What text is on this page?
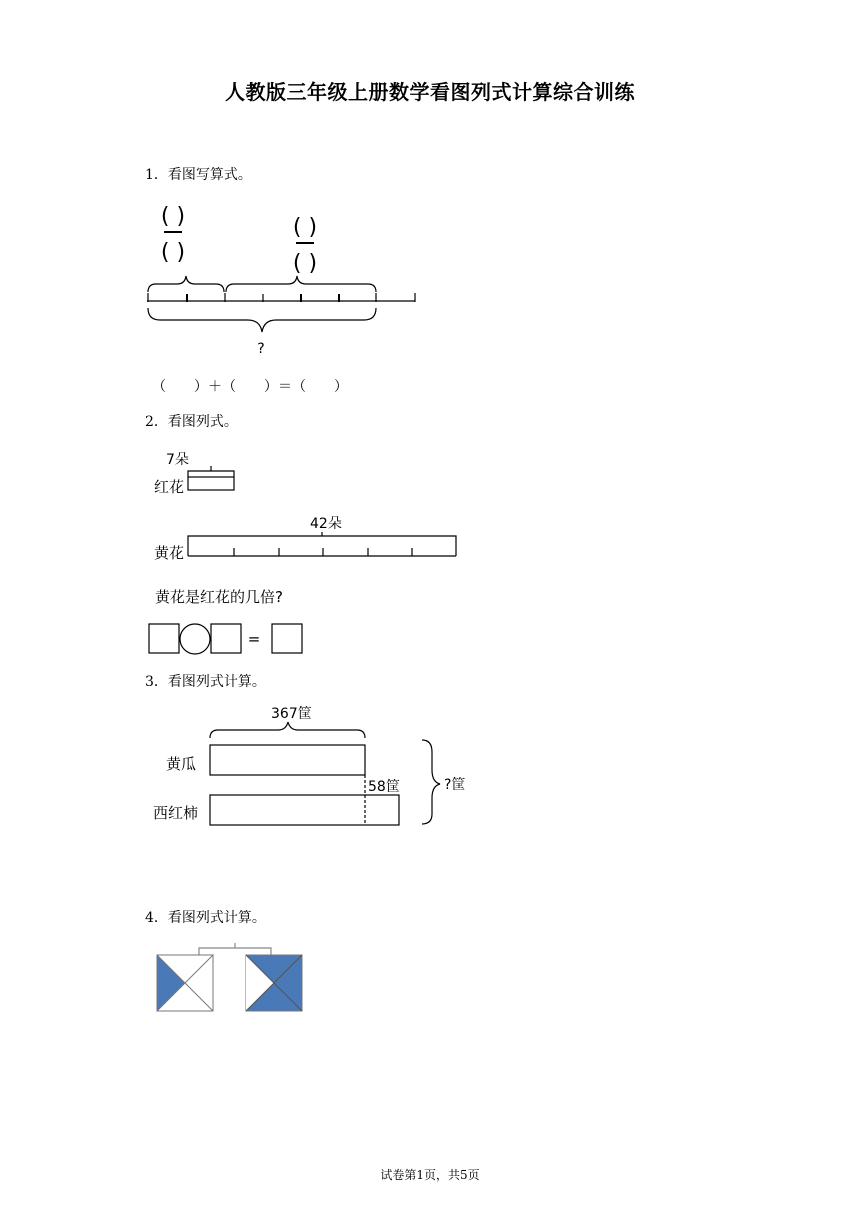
人教版三年级上册数学看图列式计算综合训练
1．看图写算式。
( )
( )
( )
( )
?
（　　）＋（　　）＝（　　）
2．看图列式。
7朵
红花
42朵
黄花
黄花是红花的几倍?
=
3．看图列式计算。
367筐
黄瓜
西红柿
58筐	?筐
4．看图列式计算。
试卷第1页，共5页
